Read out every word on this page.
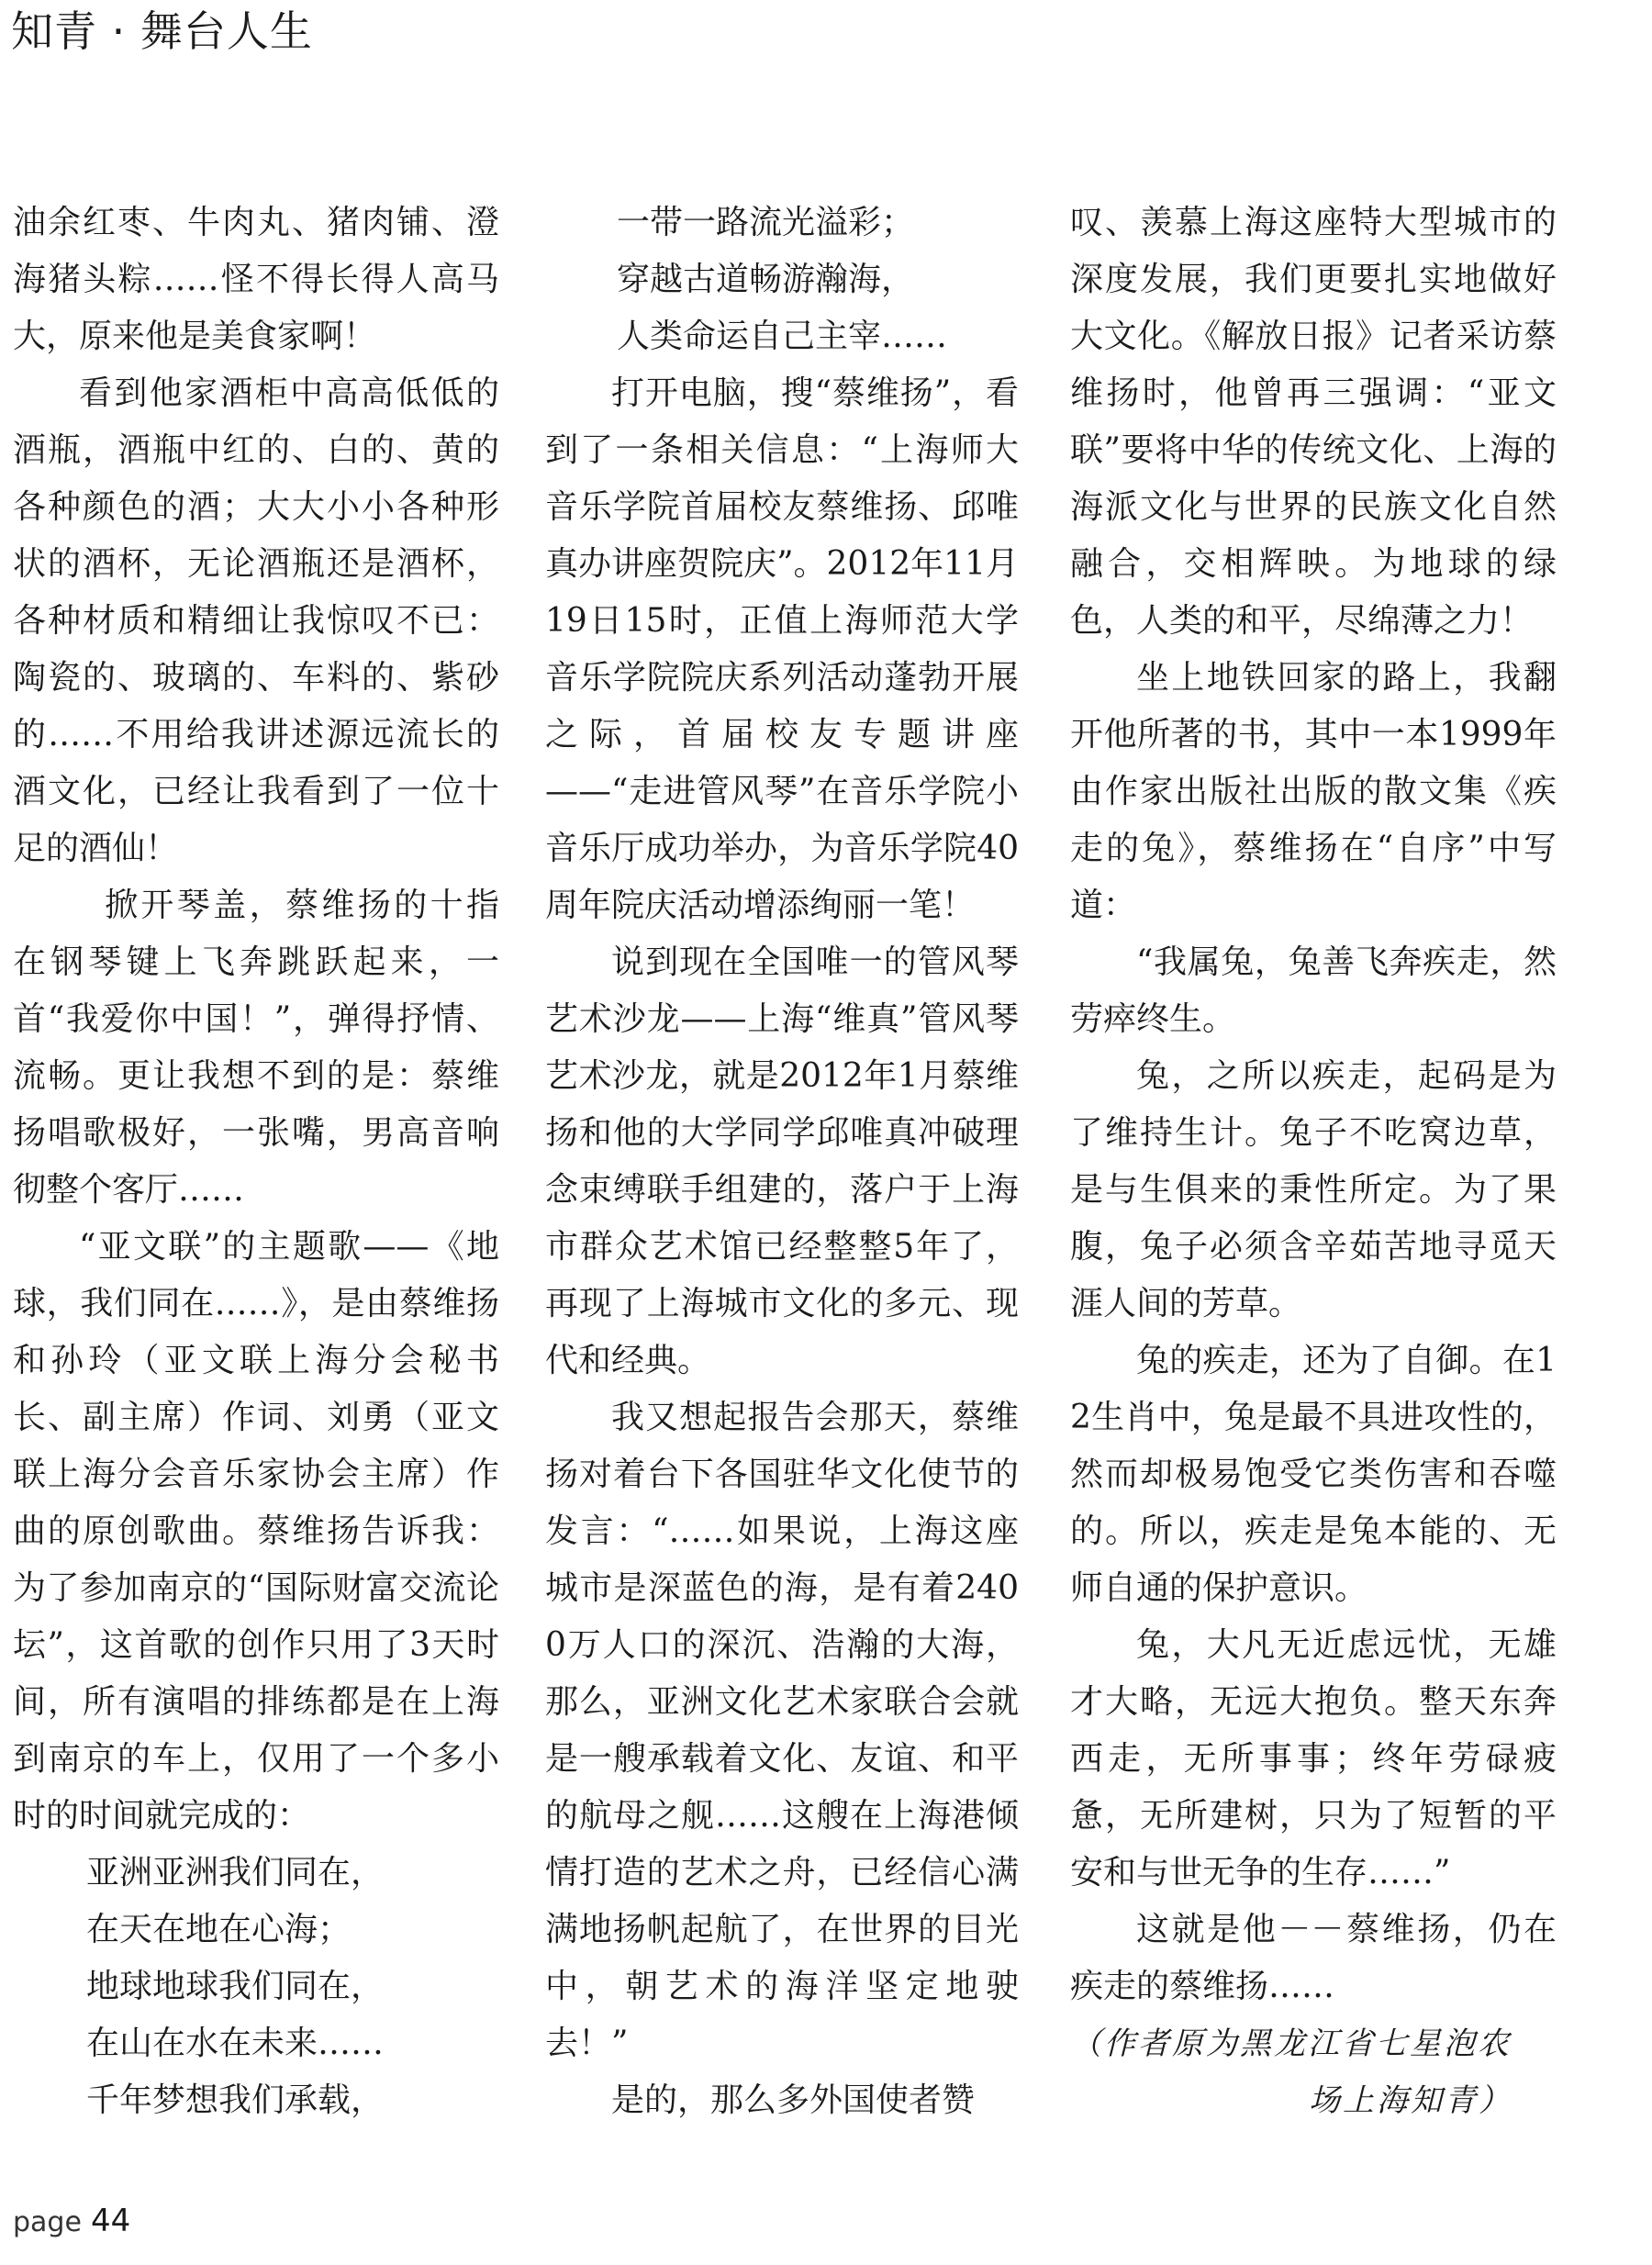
知青 · 舞台人生

油余红枣、牛肉丸、猪肉铺、澄海猪头粽……怪不得长得人高马大，原来他是美食家啊！

看到他家酒柜中高高低低的酒瓶，酒瓶中红的、白的、黄的各种颜色的酒；大大小小各种形状的酒杯，无论酒瓶还是酒杯，各种材质和精细让我惊叹不已：陶瓷的、玻璃的、车料的、紫砂的……不用给我讲述源远流长的酒文化，已经让我看到了一位十足的酒仙！

掀开琴盖，蔡维扬的十指在钢琴键上飞奔跳跃起来，一首“我爱你中国！”，弹得抒情、流畅。更让我想不到的是：蔡维扬唱歌极好，一张嘴，男高音响彻整个客厅……

“亚文联”的主题歌——《地球，我们同在……》，是由蔡维扬和孙玲（亚文联上海分会秘书长、副主席）作词、刘勇（亚文联上海分会音乐家协会主席）作曲的原创歌曲。蔡维扬告诉我：为了参加南京的“国际财富交流论坛”，这首歌的创作只用了3天时间，所有演唱的排练都是在上海到南京的车上，仅用了一个多小时的时间就完成的：

亚洲亚洲我们同在，

在天在地在心海；

地球地球我们同在，

在山在水在未来……

千年梦想我们承载，

一带一路流光溢彩；

穿越古道畅游瀚海，

人类命运自己主宰……

打开电脑，搜“蔡维扬”，看到了一条相关信息：“上海师大音乐学院首届校友蔡维扬、邱唯真办讲座贺院庆”。2012年11月19日15时，正值上海师范大学音乐学院院庆系列活动蓬勃开展之际，首届校友专题讲座——“走进管风琴”在音乐学院小音乐厅成功举办，为音乐学院40周年院庆活动增添绚丽一笔！

说到现在全国唯一的管风琴艺术沙龙——上海“维真”管风琴艺术沙龙，就是2012年1月蔡维扬和他的大学同学邱唯真冲破理念束缚联手组建的，落户于上海市群众艺术馆已经整整5年了，再现了上海城市文化的多元、现代和经典。

我又想起报告会那天，蔡维扬对着台下各国驻华文化使节的发言：“……如果说，上海这座城市是深蓝色的海，是有着2400万人口的深沉、浩瀚的大海，那么，亚洲文化艺术家联合会就是一艘承载着文化、友谊、和平的航母之舰……这艘在上海港倾情打造的艺术之舟，已经信心满满地扬帆起航了，在世界的目光中，朝艺术的海洋坚定地驶去！”

是的，那么多外国使者赞

叹、羡慕上海这座特大型城市的深度发展，我们更要扎实地做好大文化。《解放日报》记者采访蔡维扬时，他曾再三强调：“亚文联”要将中华的传统文化、上海的海派文化与世界的民族文化自然融合，交相辉映。为地球的绿色，人类的和平，尽绵薄之力！

坐上地铁回家的路上，我翻开他所著的书，其中一本1999年由作家出版社出版的散文集《疾走的兔》，蔡维扬在“自序”中写道：

“我属兔，兔善飞奔疾走，然劳瘁终生。

兔，之所以疾走，起码是为了维持生计。兔子不吃窝边草，是与生俱来的秉性所定。为了果腹，兔子必须含辛茹苦地寻觅天涯人间的芳草。

兔的疾走，还为了自御。在12生肖中，兔是最不具进攻性的，然而却极易饱受它类伤害和吞噬的。所以，疾走是兔本能的、无师自通的保护意识。

兔，大凡无近虑远忧，无雄才大略，无远大抱负。整天东奔西走，无所事事；终年劳碌疲惫，无所建树，只为了短暂的平安和与世无争的生存……”

这就是他－－蔡维扬，仍在疾走的蔡维扬……

（作者原为黑龙江省七星泡农

场上海知青）

page 44
